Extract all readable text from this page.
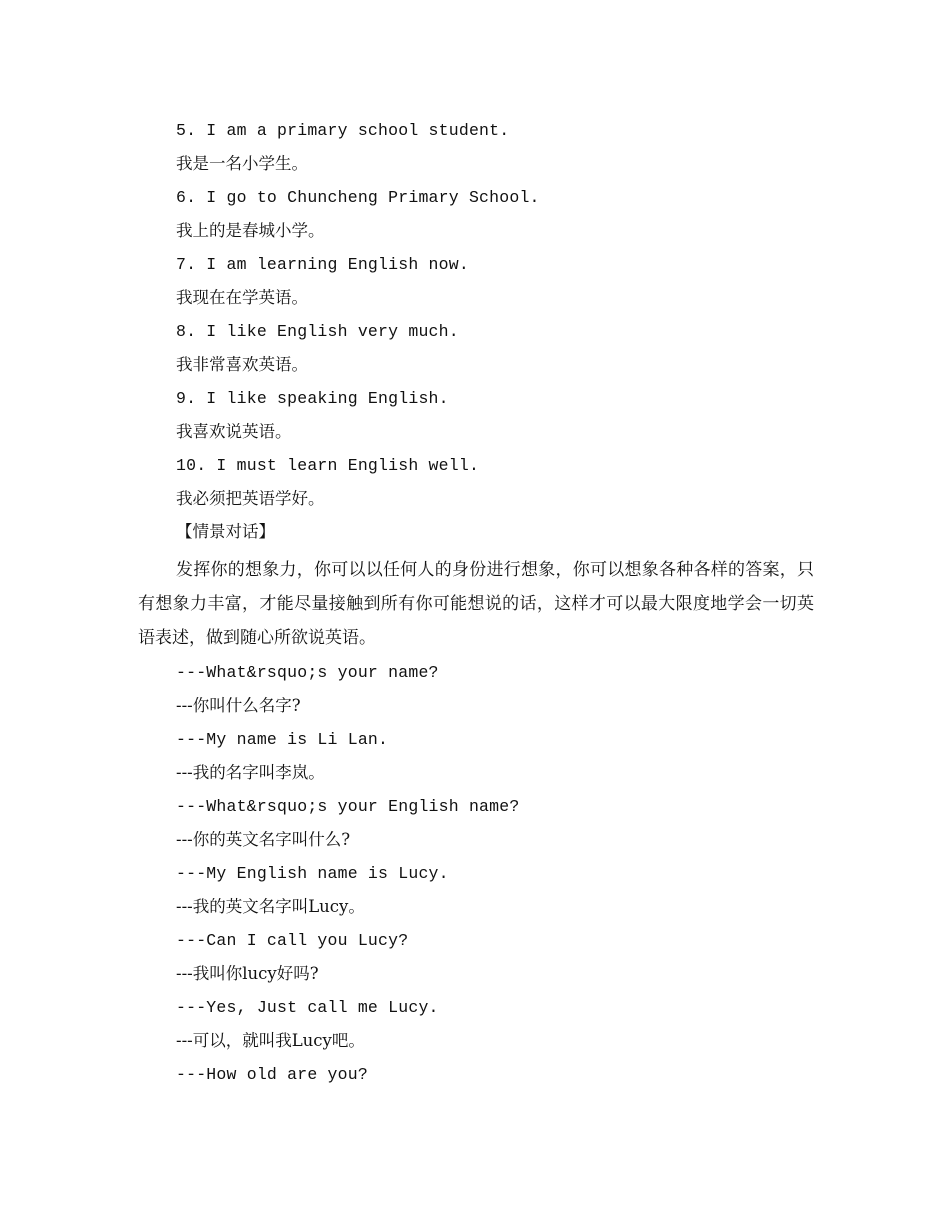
5. I am a primary school student.
我是一名小学生。
6. I go to Chuncheng Primary School.
我上的是春城小学。
7. I am learning English now.
我现在在学英语。
8. I like English very much.
我非常喜欢英语。
9. I like speaking English.
我喜欢说英语。
10. I must learn English well.
我必须把英语学好。
【情景对话】
发挥你的想象力，你可以以任何人的身份进行想象，你可以想象各种各样的答案，只有想象力丰富，才能尽量接触到所有你可能想说的话，这样才可以最大限度地学会一切英语表述，做到随心所欲说英语。
---What&rsquo;s your name?
---你叫什么名字?
---My name is Li Lan.
---我的名字叫李岚。
---What&rsquo;s your English name?
---你的英文名字叫什么?
---My English name is Lucy.
---我的英文名字叫Lucy。
---Can I call you Lucy?
---我叫你lucy好吗?
---Yes, Just call me Lucy.
---可以，就叫我Lucy吧。
---How old are you?
